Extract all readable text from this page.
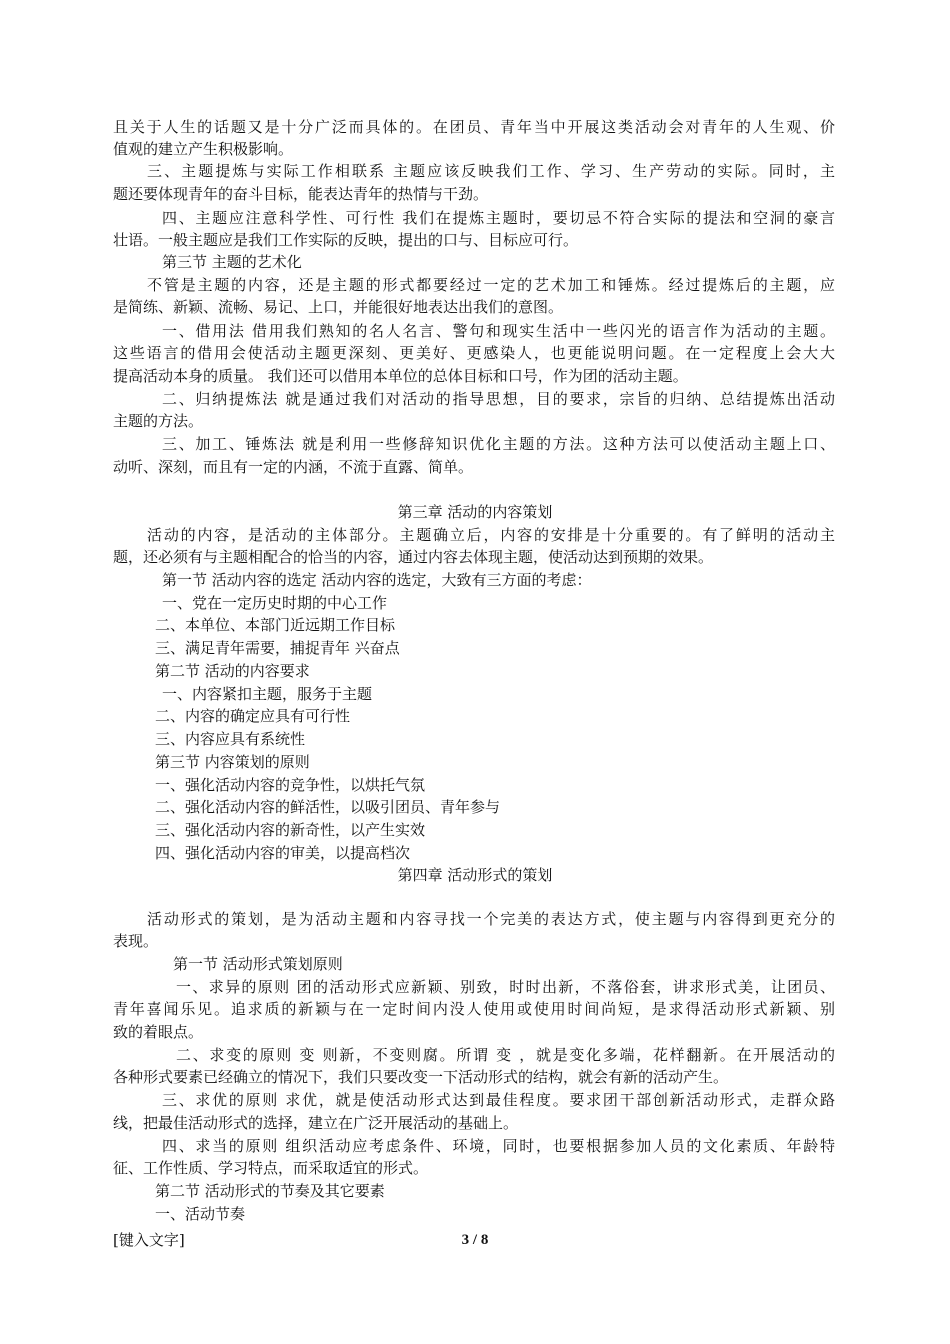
且关于人生的话题又是十分广泛而具体的。在团员、青年当中开展这类活动会对青年的人生观、价
值观的建立产生积极影响。
三、主题提炼与实际工作相联系 主题应该反映我们工作、学习、生产劳动的实际。同时，主
题还要体现青年的奋斗目标，能表达青年的热情与干劲。
四、主题应注意科学性、可行性 我们在提炼主题时，要切忌不符合实际的提法和空洞的豪言
壮语。一般主题应是我们工作实际的反映，提出的口与、目标应可行。
第三节 主题的艺术化
不管是主题的内容，还是主题的形式都要经过一定的艺术加工和锤炼。经过提炼后的主题，应
是简练、新颖、流畅、易记、上口，并能很好地表达出我们的意图。
一、借用法 借用我们熟知的名人名言、警句和现实生活中一些闪光的语言作为活动的主题。
这些语言的借用会使活动主题更深刻、更美好、更感染人，也更能说明问题。在一定程度上会大大
提高活动本身的质量。 我们还可以借用本单位的总体目标和口号，作为团的活动主题。
二、归纳提炼法 就是通过我们对活动的指导思想，目的要求，宗旨的归纳、总结提炼出活动
主题的方法。
三、加工、锤炼法 就是利用一些修辞知识优化主题的方法。这种方法可以使活动主题上口、
动听、深刻，而且有一定的内涵，不流于直露、简单。
第三章 活动的内容策划
活动的内容，是活动的主体部分。主题确立后，内容的安排是十分重要的。有了鲜明的活动主
题，还必须有与主题相配合的恰当的内容，通过内容去体现主题，使活动达到预期的效果。
第一节 活动内容的选定 活动内容的选定，大致有三方面的考虑：
一、党在一定历史时期的中心工作
二、本单位、本部门近远期工作目标
三、满足青年需要，捕捉青年 兴奋点
第二节 活动的内容要求
一、内容紧扣主题，服务于主题
二、内容的确定应具有可行性
三、内容应具有系统性
第三节 内容策划的原则
一、强化活动内容的竞争性，以烘托气氛
二、强化活动内容的鲜活性，以吸引团员、青年参与
三、强化活动内容的新奇性，以产生实效
四、强化活动内容的审美，以提高档次
第四章 活动形式的策划
活动形式的策划，是为活动主题和内容寻找一个完美的表达方式，使主题与内容得到更充分的
表现。
第一节 活动形式策划原则
一、求异的原则 团的活动形式应新颖、别致，时时出新，不落俗套，讲求形式美，让团员、
青年喜闻乐见。追求质的新颖与在一定时间内没人使用或使用时间尚短，是求得活动形式新颖、别
致的着眼点。
二、求变的原则 变 则新，不变则腐。所谓 变 ，就是变化多端，花样翻新。在开展活动的
各种形式要素已经确立的情况下，我们只要改变一下活动形式的结构，就会有新的活动产生。
三、求优的原则 求优，就是使活动形式达到最佳程度。要求团干部创新活动形式，走群众路
线，把最佳活动形式的选择，建立在广泛开展活动的基础上。
四、求当的原则 组织活动应考虑条件、环境，同时，也要根据参加人员的文化素质、年龄特
征、工作性质、学习特点，而采取适宜的形式。
第二节 活动形式的节奏及其它要素
一、活动节奏
[键入文字]	3 / 8
